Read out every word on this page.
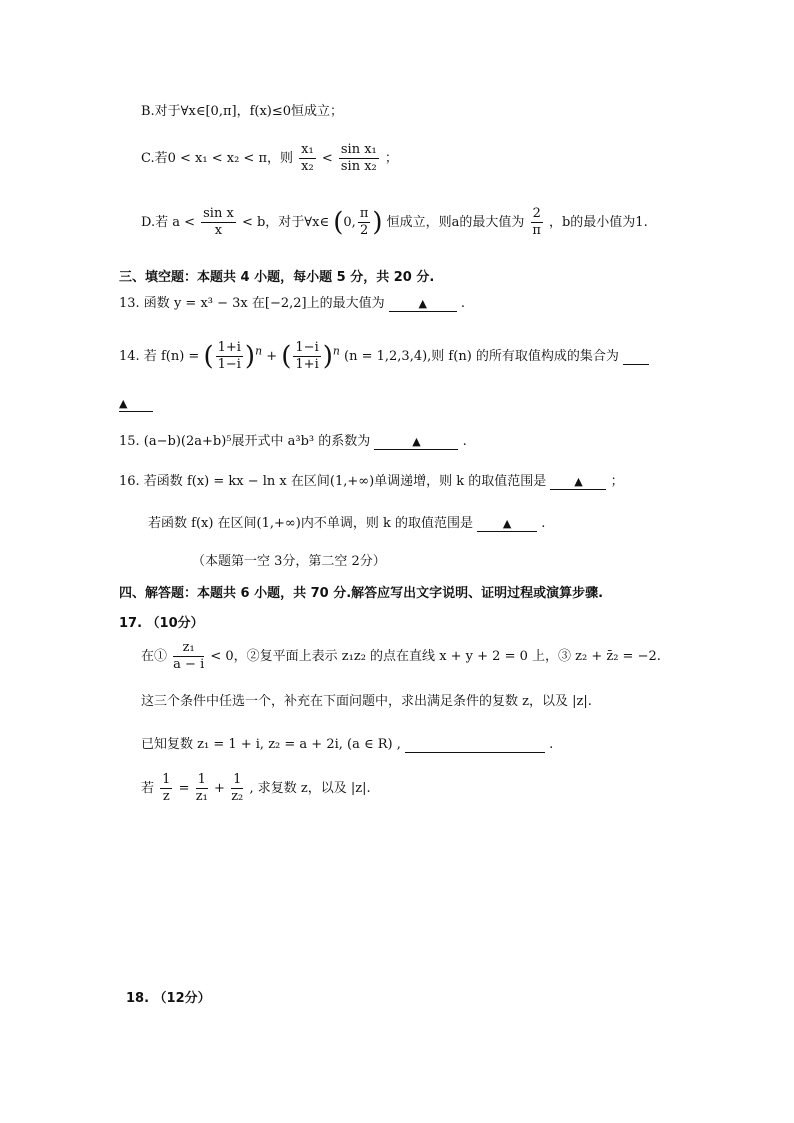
B.对于∀x∈[0,π]，f(x)≤0恒成立；
C.若0 < x₁ < x₂ < π，则 $\frac{\text{x₁}}{\text{x₂}} < \frac{\text{sin x₁}}{\text{sin x₂}}$ ；
D.若 $a < \frac{\text{sin x}}{x} < b$，对于∀x∈ (0, $\frac{\pi}{2}$ ) 恒成立，则a的最大值为 $\frac{2}{\pi}$ ，b的最小值为1.
三、填空题：本题共 4 小题，每小题 5 分，共 20 分.
13. 函数 y = x³ − 3x 在[−2,2]上的最大值为	▲	.
14. 若 f(n) = ( $\frac{1+i}{1-i} )^n$ + ( $\frac{1-i}{1+i} )^n$ (n = 1,2,3,4),则 f(n) 的所有取值构成的集合为
▲
15. (a−b)(2a+b)⁵展开式中 a³b³ 的系数为	▲	.
16. 若函数 f(x) = kx − ln x 在区间(1,+∞)单调递增，则 k 的取值范围是	▲ ；
若函数 f(x) 在区间(1,+∞)内不单调，则 k 的取值范围是	▲ .
（本题第一空 3分，第二空 2分）
四、解答题：本题共 6 小题，共 70 分.解答应写出文字说明、证明过程或演算步骤.
17. （10分）
在① $\frac{\text{z₁}}{a - i} < 0$，②复平面上表示 z₁z₂ 的点在直线 x + y + 2 = 0 上，③ z₂ + z̄₂ = −2.
这三个条件中任选一个，补充在下面问题中，求出满足条件的复数 z，以及 |z|.
已知复数 z₁ = 1 + i, z₂ = a + 2i, (a ∈ R) ,	.
若 $\frac{1}{z} = \frac{1}{\text{z₁}} + \frac{1}{\text{z₂}}$ , 求复数 z，以及 |z|.
18. （12分）
